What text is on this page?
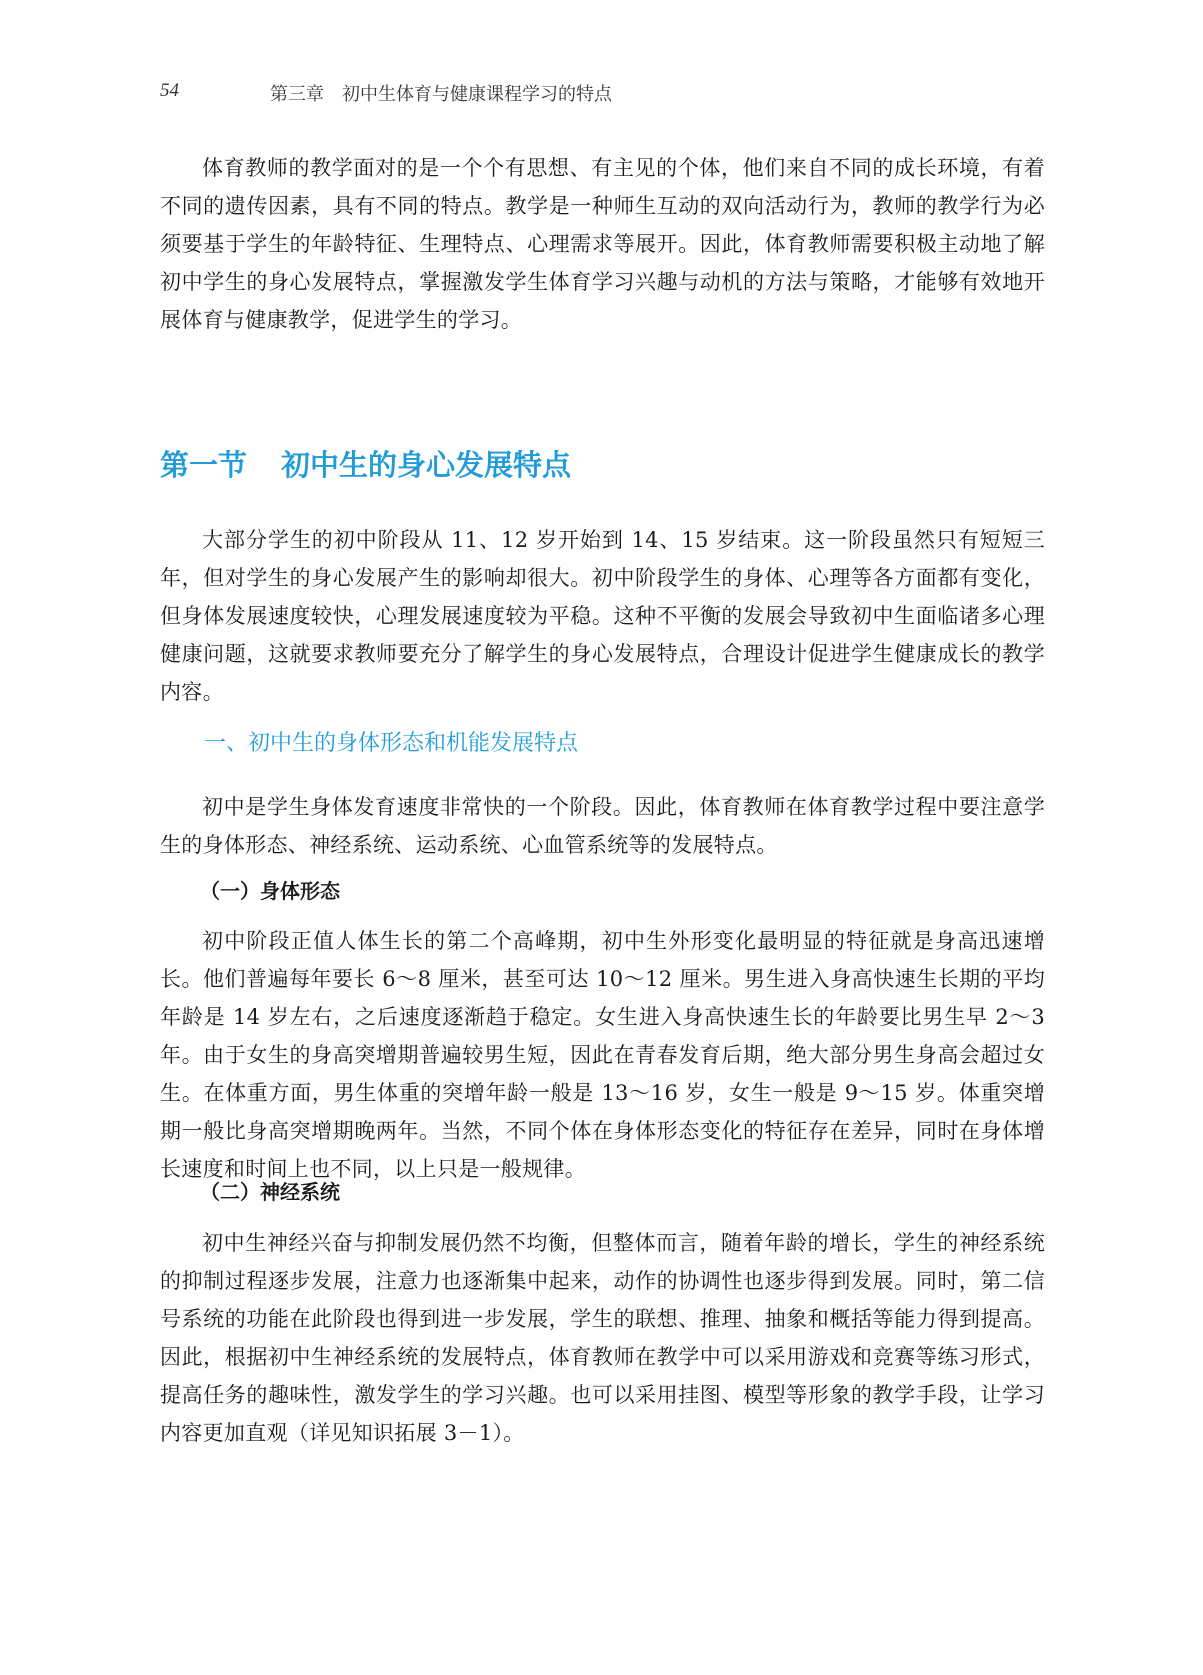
54	第三章　初中生体育与健康课程学习的特点

体育教师的教学面对的是一个个有思想、有主见的个体，他们来自不同的成长环境，有着不同的遗传因素，具有不同的特点。教学是一种师生互动的双向活动行为，教师的教学行为必须要基于学生的年龄特征、生理特点、心理需求等展开。因此，体育教师需要积极主动地了解初中学生的身心发展特点，掌握激发学生体育学习兴趣与动机的方法与策略，才能够有效地开展体育与健康教学，促进学生的学习。

第一节 初中生的身心发展特点

大部分学生的初中阶段从 11、12 岁开始到 14、15 岁结束。这一阶段虽然只有短短三年，但对学生的身心发展产生的影响却很大。初中阶段学生的身体、心理等各方面都有变化，但身体发展速度较快，心理发展速度较为平稳。这种不平衡的发展会导致初中生面临诸多心理健康问题，这就要求教师要充分了解学生的身心发展特点，合理设计促进学生健康成长的教学内容。

一、初中生的身体形态和机能发展特点

初中是学生身体发育速度非常快的一个阶段。因此，体育教师在体育教学过程中要注意学生的身体形态、神经系统、运动系统、心血管系统等的发展特点。

（一）身体形态

初中阶段正值人体生长的第二个高峰期，初中生外形变化最明显的特征就是身高迅速增长。他们普遍每年要长 6～8 厘米，甚至可达 10～12 厘米。男生进入身高快速生长期的平均年龄是 14 岁左右，之后速度逐渐趋于稳定。女生进入身高快速生长的年龄要比男生早 2～3 年。由于女生的身高突增期普遍较男生短，因此在青春发育后期，绝大部分男生身高会超过女生。在体重方面，男生体重的突增年龄一般是 13～16 岁，女生一般是 9～15 岁。体重突增期一般比身高突增期晚两年。当然，不同个体在身体形态变化的特征存在差异，同时在身体增长速度和时间上也不同，以上只是一般规律。

（二）神经系统

初中生神经兴奋与抑制发展仍然不均衡，但整体而言，随着年龄的增长，学生的神经系统的抑制过程逐步发展，注意力也逐渐集中起来，动作的协调性也逐步得到发展。同时，第二信号系统的功能在此阶段也得到进一步发展，学生的联想、推理、抽象和概括等能力得到提高。因此，根据初中生神经系统的发展特点，体育教师在教学中可以采用游戏和竞赛等练习形式，提高任务的趣味性，激发学生的学习兴趣。也可以采用挂图、模型等形象的教学手段，让学习内容更加直观（详见知识拓展 3－1）。
